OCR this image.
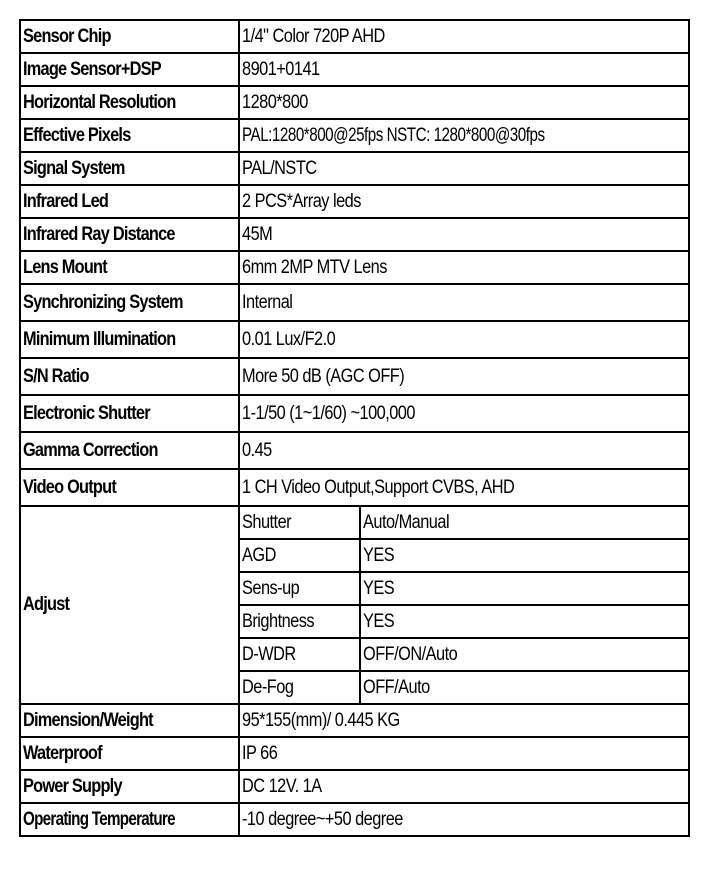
Sensor Chip	1/4" Color 720P AHD	
Image Sensor+DSP	8901+0141	
Horizontal Resolution	1280*800	
Effective Pixels	PAL:1280*800@25fps NSTC: 1280*800@30fps	
Signal System	PAL/NSTC	
Infrared Led	2 PCS*Array leds	
Infrared Ray Distance	45M	
Lens Mount	6mm 2MP MTV Lens	
Synchronizing System	Internal	
Minimum Illumination	0.01 Lux/F2.0	
S/N Ratio	More 50 dB (AGC OFF)	
Electronic Shutter	1-1/50 (1~1/60) ~100,000	
Gamma Correction	0.45	
Video Output	1 CH Video Output,Support CVBS, AHD	
Adjust	Shutter	Auto/Manual
	AGD	YES
	Sens-up	YES
	Brightness	YES
	D-WDR	OFF/ON/Auto
	De-Fog	OFF/Auto
Dimension/Weight	95*155(mm)/ 0.445 KG	
Waterproof	IP 66	
Power Supply	DC 12V. 1A	
Operating Temperature	-10 degree~+50 degree	
